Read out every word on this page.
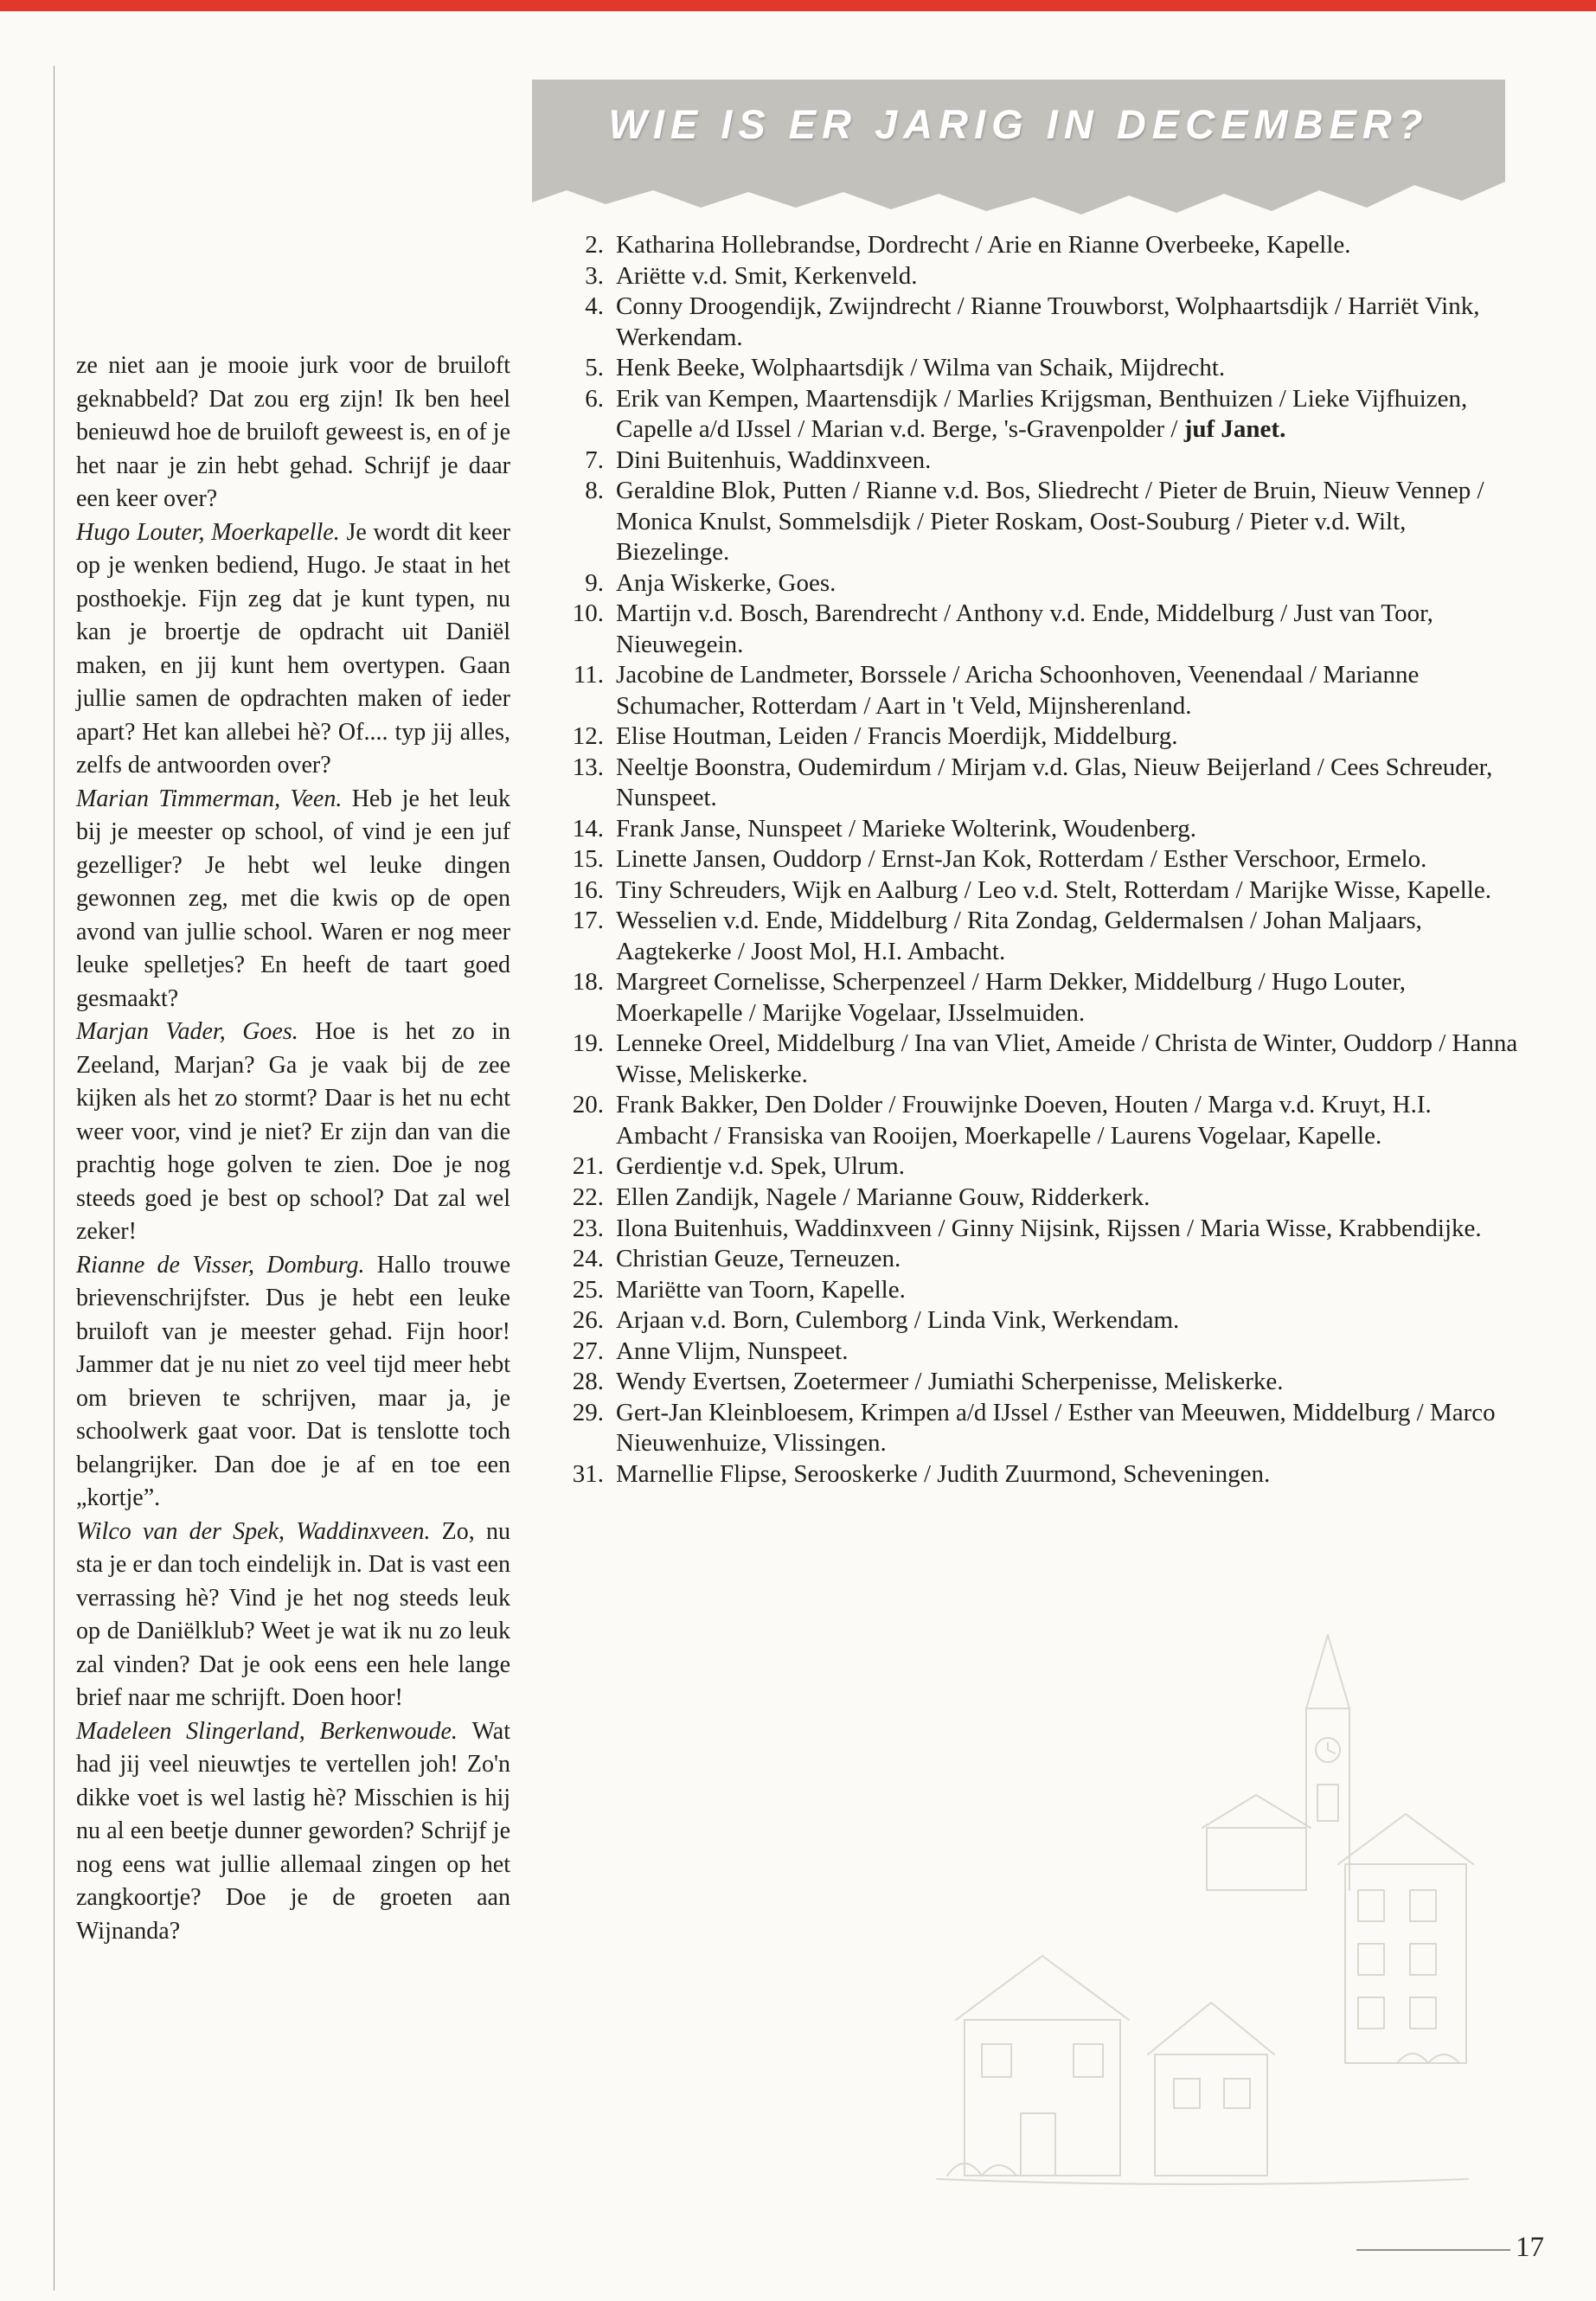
WIE IS ER JARIG IN DECEMBER?

ze niet aan je mooie jurk voor de bruiloft geknabbeld? Dat zou erg zijn! Ik ben heel benieuwd hoe de bruiloft geweest is, en of je het naar je zin hebt gehad. Schrijf je daar een keer over?

Hugo Louter, Moerkapelle. Je wordt dit keer op je wenken bediend, Hugo. Je staat in het posthoekje. Fijn zeg dat je kunt typen, nu kan je broertje de opdracht uit Daniël maken, en jij kunt hem overtypen. Gaan jullie samen de opdrachten maken of ieder apart? Het kan allebei hè? Of.... typ jij alles, zelfs de antwoorden over?

Marian Timmerman, Veen. Heb je het leuk bij je meester op school, of vind je een juf gezelliger? Je hebt wel leuke dingen gewonnen zeg, met die kwis op de open avond van jullie school. Waren er nog meer leuke spelletjes? En heeft de taart goed gesmaakt?

Marjan Vader, Goes. Hoe is het zo in Zeeland, Marjan? Ga je vaak bij de zee kijken als het zo stormt? Daar is het nu echt weer voor, vind je niet? Er zijn dan van die prachtig hoge golven te zien. Doe je nog steeds goed je best op school? Dat zal wel zeker!

Rianne de Visser, Domburg. Hallo trouwe brievenschrijfster. Dus je hebt een leuke bruiloft van je meester gehad. Fijn hoor! Jammer dat je nu niet zo veel tijd meer hebt om brieven te schrijven, maar ja, je schoolwerk gaat voor. Dat is tenslotte toch belangrijker. Dan doe je af en toe een „kortje”.

Wilco van der Spek, Waddinxveen. Zo, nu sta je er dan toch eindelijk in. Dat is vast een verrassing hè? Vind je het nog steeds leuk op de Daniëlklub? Weet je wat ik nu zo leuk zal vinden? Dat je ook eens een hele lange brief naar me schrijft. Doen hoor!

Madeleen Slingerland, Berkenwoude. Wat had jij veel nieuwtjes te vertellen joh! Zo'n dikke voet is wel lastig hè? Misschien is hij nu al een beetje dunner geworden? Schrijf je nog eens wat jullie allemaal zingen op het zangkoortje? Doe je de groeten aan Wijnanda?

2. Katharina Hollebrandse, Dordrecht / Arie en Rianne Overbeeke, Kapelle.
3. Ariëtte v.d. Smit, Kerkenveld.
4. Conny Droogendijk, Zwijndrecht / Rianne Trouwborst, Wolphaartsdijk / Harriët Vink, Werkendam.
5. Henk Beeke, Wolphaartsdijk / Wilma van Schaik, Mijdrecht.
6. Erik van Kempen, Maartensdijk / Marlies Krijgsman, Benthuizen / Lieke Vijfhuizen, Capelle a/d IJssel / Marian v.d. Berge, 's-Gravenpolder / juf Janet.
7. Dini Buitenhuis, Waddinxveen.
8. Geraldine Blok, Putten / Rianne v.d. Bos, Sliedrecht / Pieter de Bruin, Nieuw Vennep / Monica Knulst, Sommelsdijk / Pieter Roskam, Oost-Souburg / Pieter v.d. Wilt, Biezelinge.
9. Anja Wiskerke, Goes.
10. Martijn v.d. Bosch, Barendrecht / Anthony v.d. Ende, Middelburg / Just van Toor, Nieuwegein.
11. Jacobine de Landmeter, Borssele / Aricha Schoonhoven, Veenendaal / Marianne Schumacher, Rotterdam / Aart in 't Veld, Mijnsherenland.
12. Elise Houtman, Leiden / Francis Moerdijk, Middelburg.
13. Neeltje Boonstra, Oudemirdum / Mirjam v.d. Glas, Nieuw Beijerland / Cees Schreuder, Nunspeet.
14. Frank Janse, Nunspeet / Marieke Wolterink, Woudenberg.
15. Linette Jansen, Ouddorp / Ernst-Jan Kok, Rotterdam / Esther Verschoor, Ermelo.
16. Tiny Schreuders, Wijk en Aalburg / Leo v.d. Stelt, Rotterdam / Marijke Wisse, Kapelle.
17. Wesselien v.d. Ende, Middelburg / Rita Zondag, Geldermalsen / Johan Maljaars, Aagtekerke / Joost Mol, H.I. Ambacht.
18. Margreet Cornelisse, Scherpenzeel / Harm Dekker, Middelburg / Hugo Louter, Moerkapelle / Marijke Vogelaar, IJsselmuiden.
19. Lenneke Oreel, Middelburg / Ina van Vliet, Ameide / Christa de Winter, Ouddorp / Hanna Wisse, Meliskerke.
20. Frank Bakker, Den Dolder / Frouwijnke Doeven, Houten / Marga v.d. Kruyt, H.I. Ambacht / Fransiska van Rooijen, Moerkapelle / Laurens Vogelaar, Kapelle.
21. Gerdientje v.d. Spek, Ulrum.
22. Ellen Zandijk, Nagele / Marianne Gouw, Ridderkerk.
23. Ilona Buitenhuis, Waddinxveen / Ginny Nijsink, Rijssen / Maria Wisse, Krabbendijke.
24. Christian Geuze, Terneuzen.
25. Mariëtte van Toorn, Kapelle.
26. Arjaan v.d. Born, Culemborg / Linda Vink, Werkendam.
27. Anne Vlijm, Nunspeet.
28. Wendy Evertsen, Zoetermeer / Jumiathi Scherpenisse, Meliskerke.
29. Gert-Jan Kleinbloesem, Krimpen a/d IJssel / Esther van Meeuwen, Middelburg / Marco Nieuwenhuize, Vlissingen.
31. Marnellie Flipse, Serooskerke / Judith Zuurmond, Scheveningen.
17
